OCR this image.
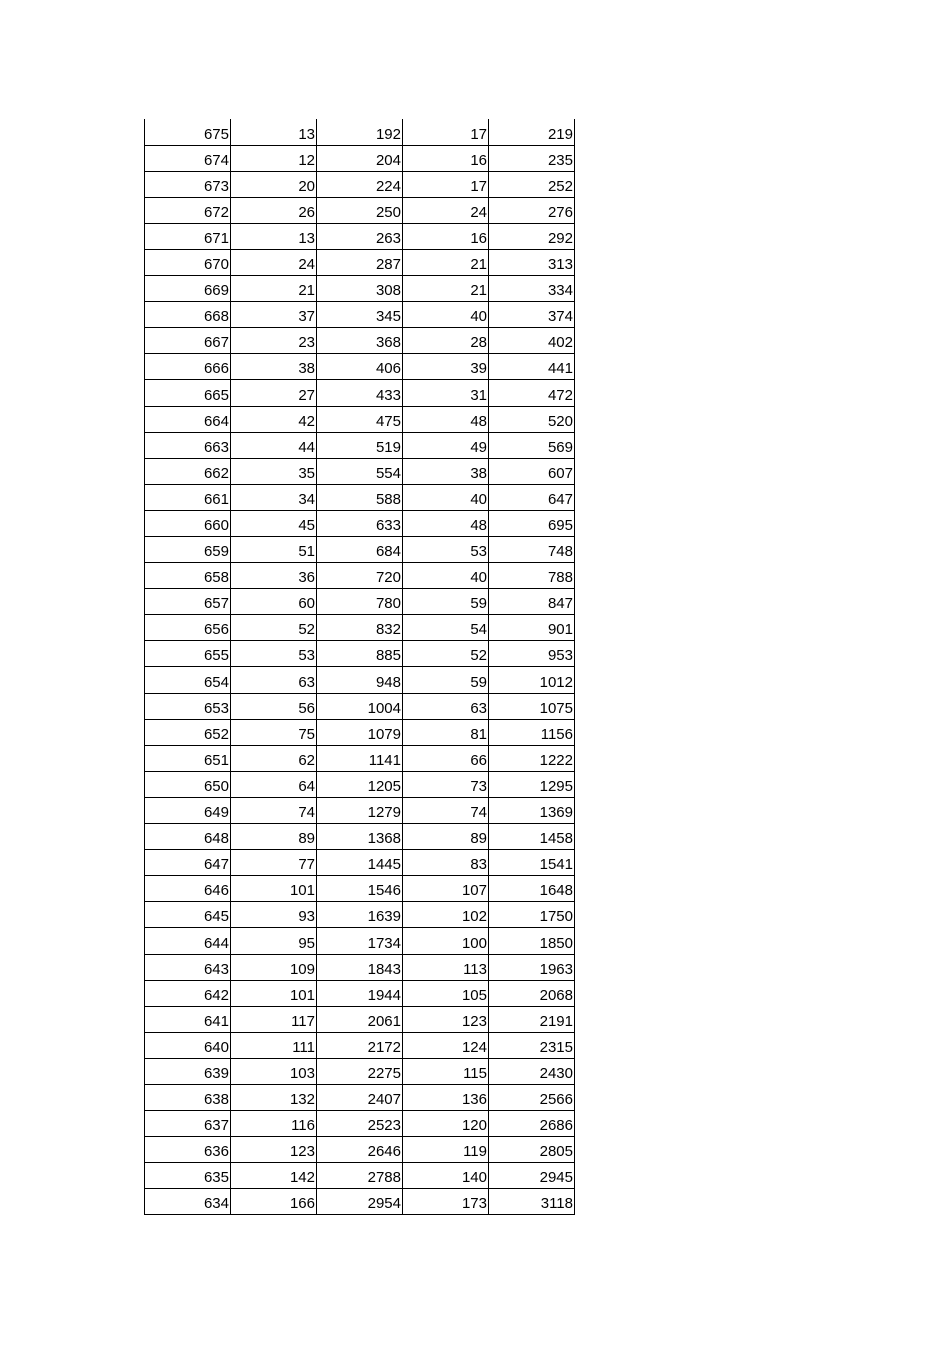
675	13	192	17	219
674	12	204	16	235
673	20	224	17	252
672	26	250	24	276
671	13	263	16	292
670	24	287	21	313
669	21	308	21	334
668	37	345	40	374
667	23	368	28	402
666	38	406	39	441
665	27	433	31	472
664	42	475	48	520
663	44	519	49	569
662	35	554	38	607
661	34	588	40	647
660	45	633	48	695
659	51	684	53	748
658	36	720	40	788
657	60	780	59	847
656	52	832	54	901
655	53	885	52	953
654	63	948	59	1012
653	56	1004	63	1075
652	75	1079	81	1156
651	62	1141	66	1222
650	64	1205	73	1295
649	74	1279	74	1369
648	89	1368	89	1458
647	77	1445	83	1541
646	101	1546	107	1648
645	93	1639	102	1750
644	95	1734	100	1850
643	109	1843	113	1963
642	101	1944	105	2068
641	117	2061	123	2191
640	111	2172	124	2315
639	103	2275	115	2430
638	132	2407	136	2566
637	116	2523	120	2686
636	123	2646	119	2805
635	142	2788	140	2945
634	166	2954	173	3118
